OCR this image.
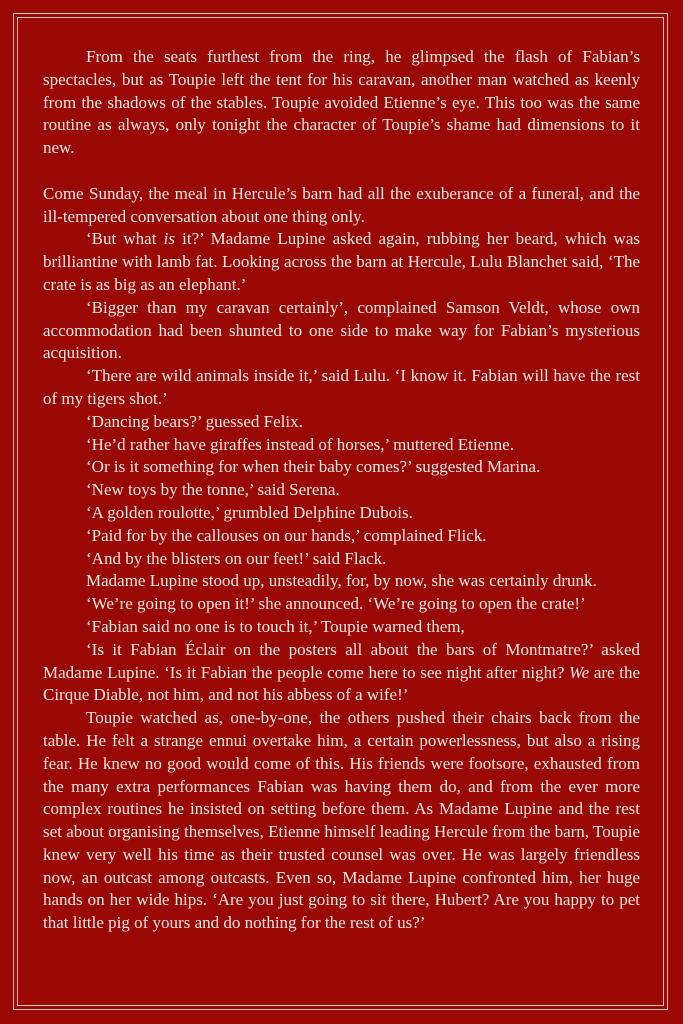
From the seats furthest from the ring, he glimpsed the flash of Fabian’s spectacles, but as Toupie left the tent for his caravan, another man watched as keenly from the shadows of the stables. Toupie avoided Etienne’s eye. This too was the same routine as always, only tonight the character of Toupie’s shame had dimensions to it new.

Come Sunday, the meal in Hercule’s barn had all the exuberance of a funeral, and the ill-tempered conversation about one thing only.

‘But what is it?’ Madame Lupine asked again, rubbing her beard, which was brilliantine with lamb fat. Looking across the barn at Hercule, Lulu Blanchet said, ‘The crate is as big as an elephant.’

‘Bigger than my caravan certainly’, complained Samson Veldt, whose own accommodation had been shunted to one side to make way for Fabian’s mysterious acquisition.

‘There are wild animals inside it,’ said Lulu. ‘I know it. Fabian will have the rest of my tigers shot.’

‘Dancing bears?’ guessed Felix.

‘He’d rather have giraffes instead of horses,’ muttered Etienne.

‘Or is it something for when their baby comes?’ suggested Marina.

‘New toys by the tonne,’ said Serena.

‘A golden roulotte,’ grumbled Delphine Dubois.

‘Paid for by the callouses on our hands,’ complained Flick.

‘And by the blisters on our feet!’ said Flack.

Madame Lupine stood up, unsteadily, for, by now, she was certainly drunk.

‘We’re going to open it!’ she announced. ‘We’re going to open the crate!’

‘Fabian said no one is to touch it,’ Toupie warned them,

‘Is it Fabian Éclair on the posters all about the bars of Montmatre?’ asked Madame Lupine. ‘Is it Fabian the people come here to see night after night? We are the Cirque Diable, not him, and not his abbess of a wife!’

Toupie watched as, one-by-one, the others pushed their chairs back from the table. He felt a strange ennui overtake him, a certain powerlessness, but also a rising fear. He knew no good would come of this. His friends were footsore, exhausted from the many extra performances Fabian was having them do, and from the ever more complex routines he insisted on setting before them. As Madame Lupine and the rest set about organising themselves, Etienne himself leading Hercule from the barn, Toupie knew very well his time as their trusted counsel was over. He was largely friendless now, an outcast among outcasts. Even so, Madame Lupine confronted him, her huge hands on her wide hips. ‘Are you just going to sit there, Hubert? Are you happy to pet that little pig of yours and do nothing for the rest of us?’
